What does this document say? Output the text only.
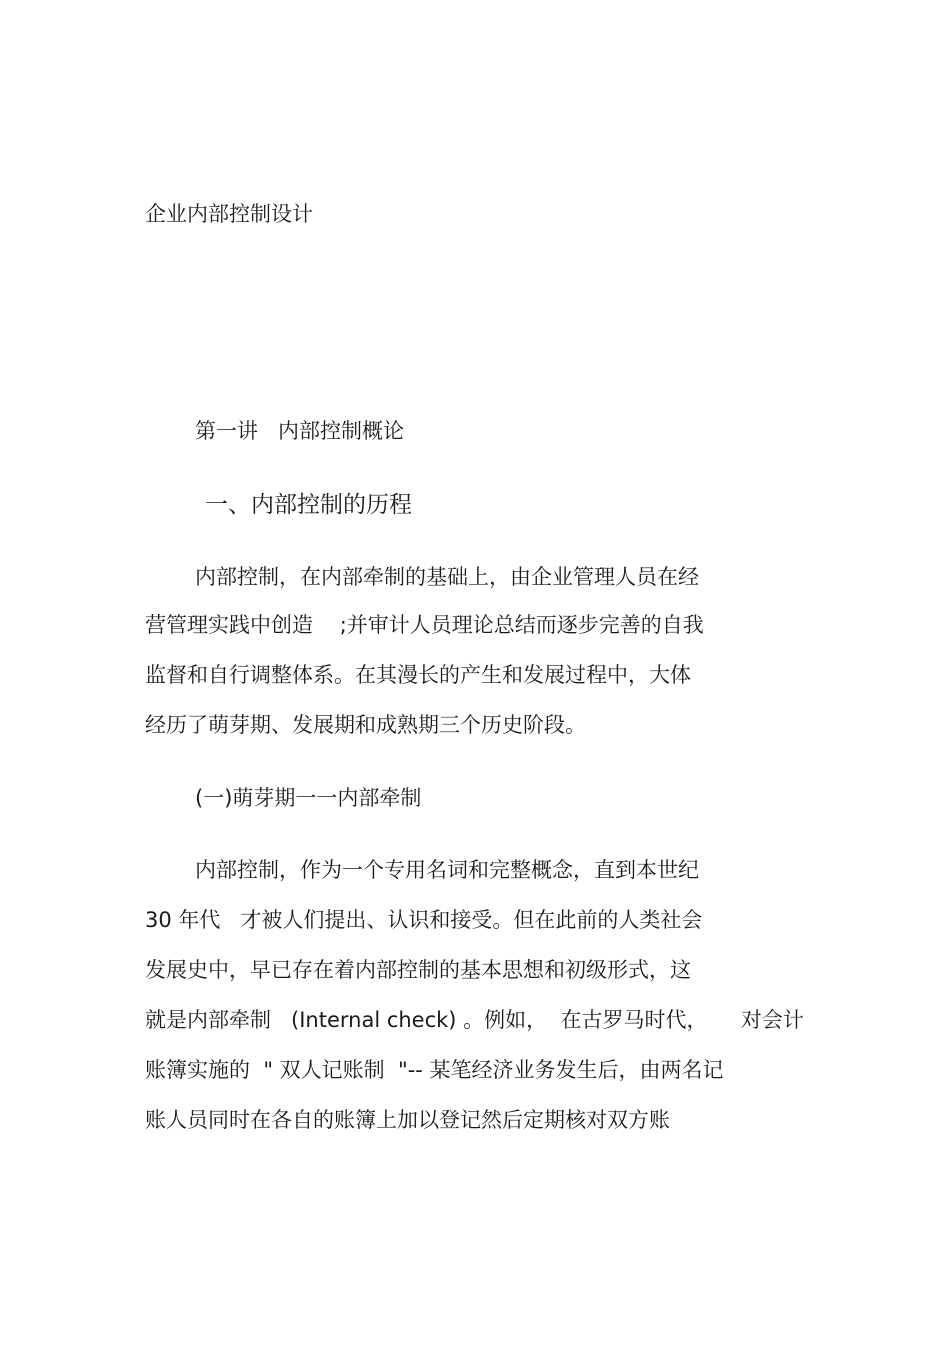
企业内部控制设计
第一讲   内部控制概论
一、内部控制的历程
内部控制，在内部牵制的基础上，由企业管理人员在经
营管理实践中创造    ;并审计人员理论总结而逐步完善的自我
监督和自行调整体系。在其漫长的产生和发展过程中，大体
经历了萌芽期、发展期和成熟期三个历史阶段。
(一)萌芽期一一内部牵制
内部控制，作为一个专用名词和完整概念，直到本世纪
30 年代   才被人们提出、认识和接受。但在此前的人类社会
发展史中，早已存在着内部控制的基本思想和初级形式，这
就是内部牵制   (Internal check) 。例如，  在古罗马时代，     对会计
账簿实施的  " 双人记账制  "-- 某笔经济业务发生后，由两名记
账人员同时在各自的账簿上加以登记然后定期核对双方账
